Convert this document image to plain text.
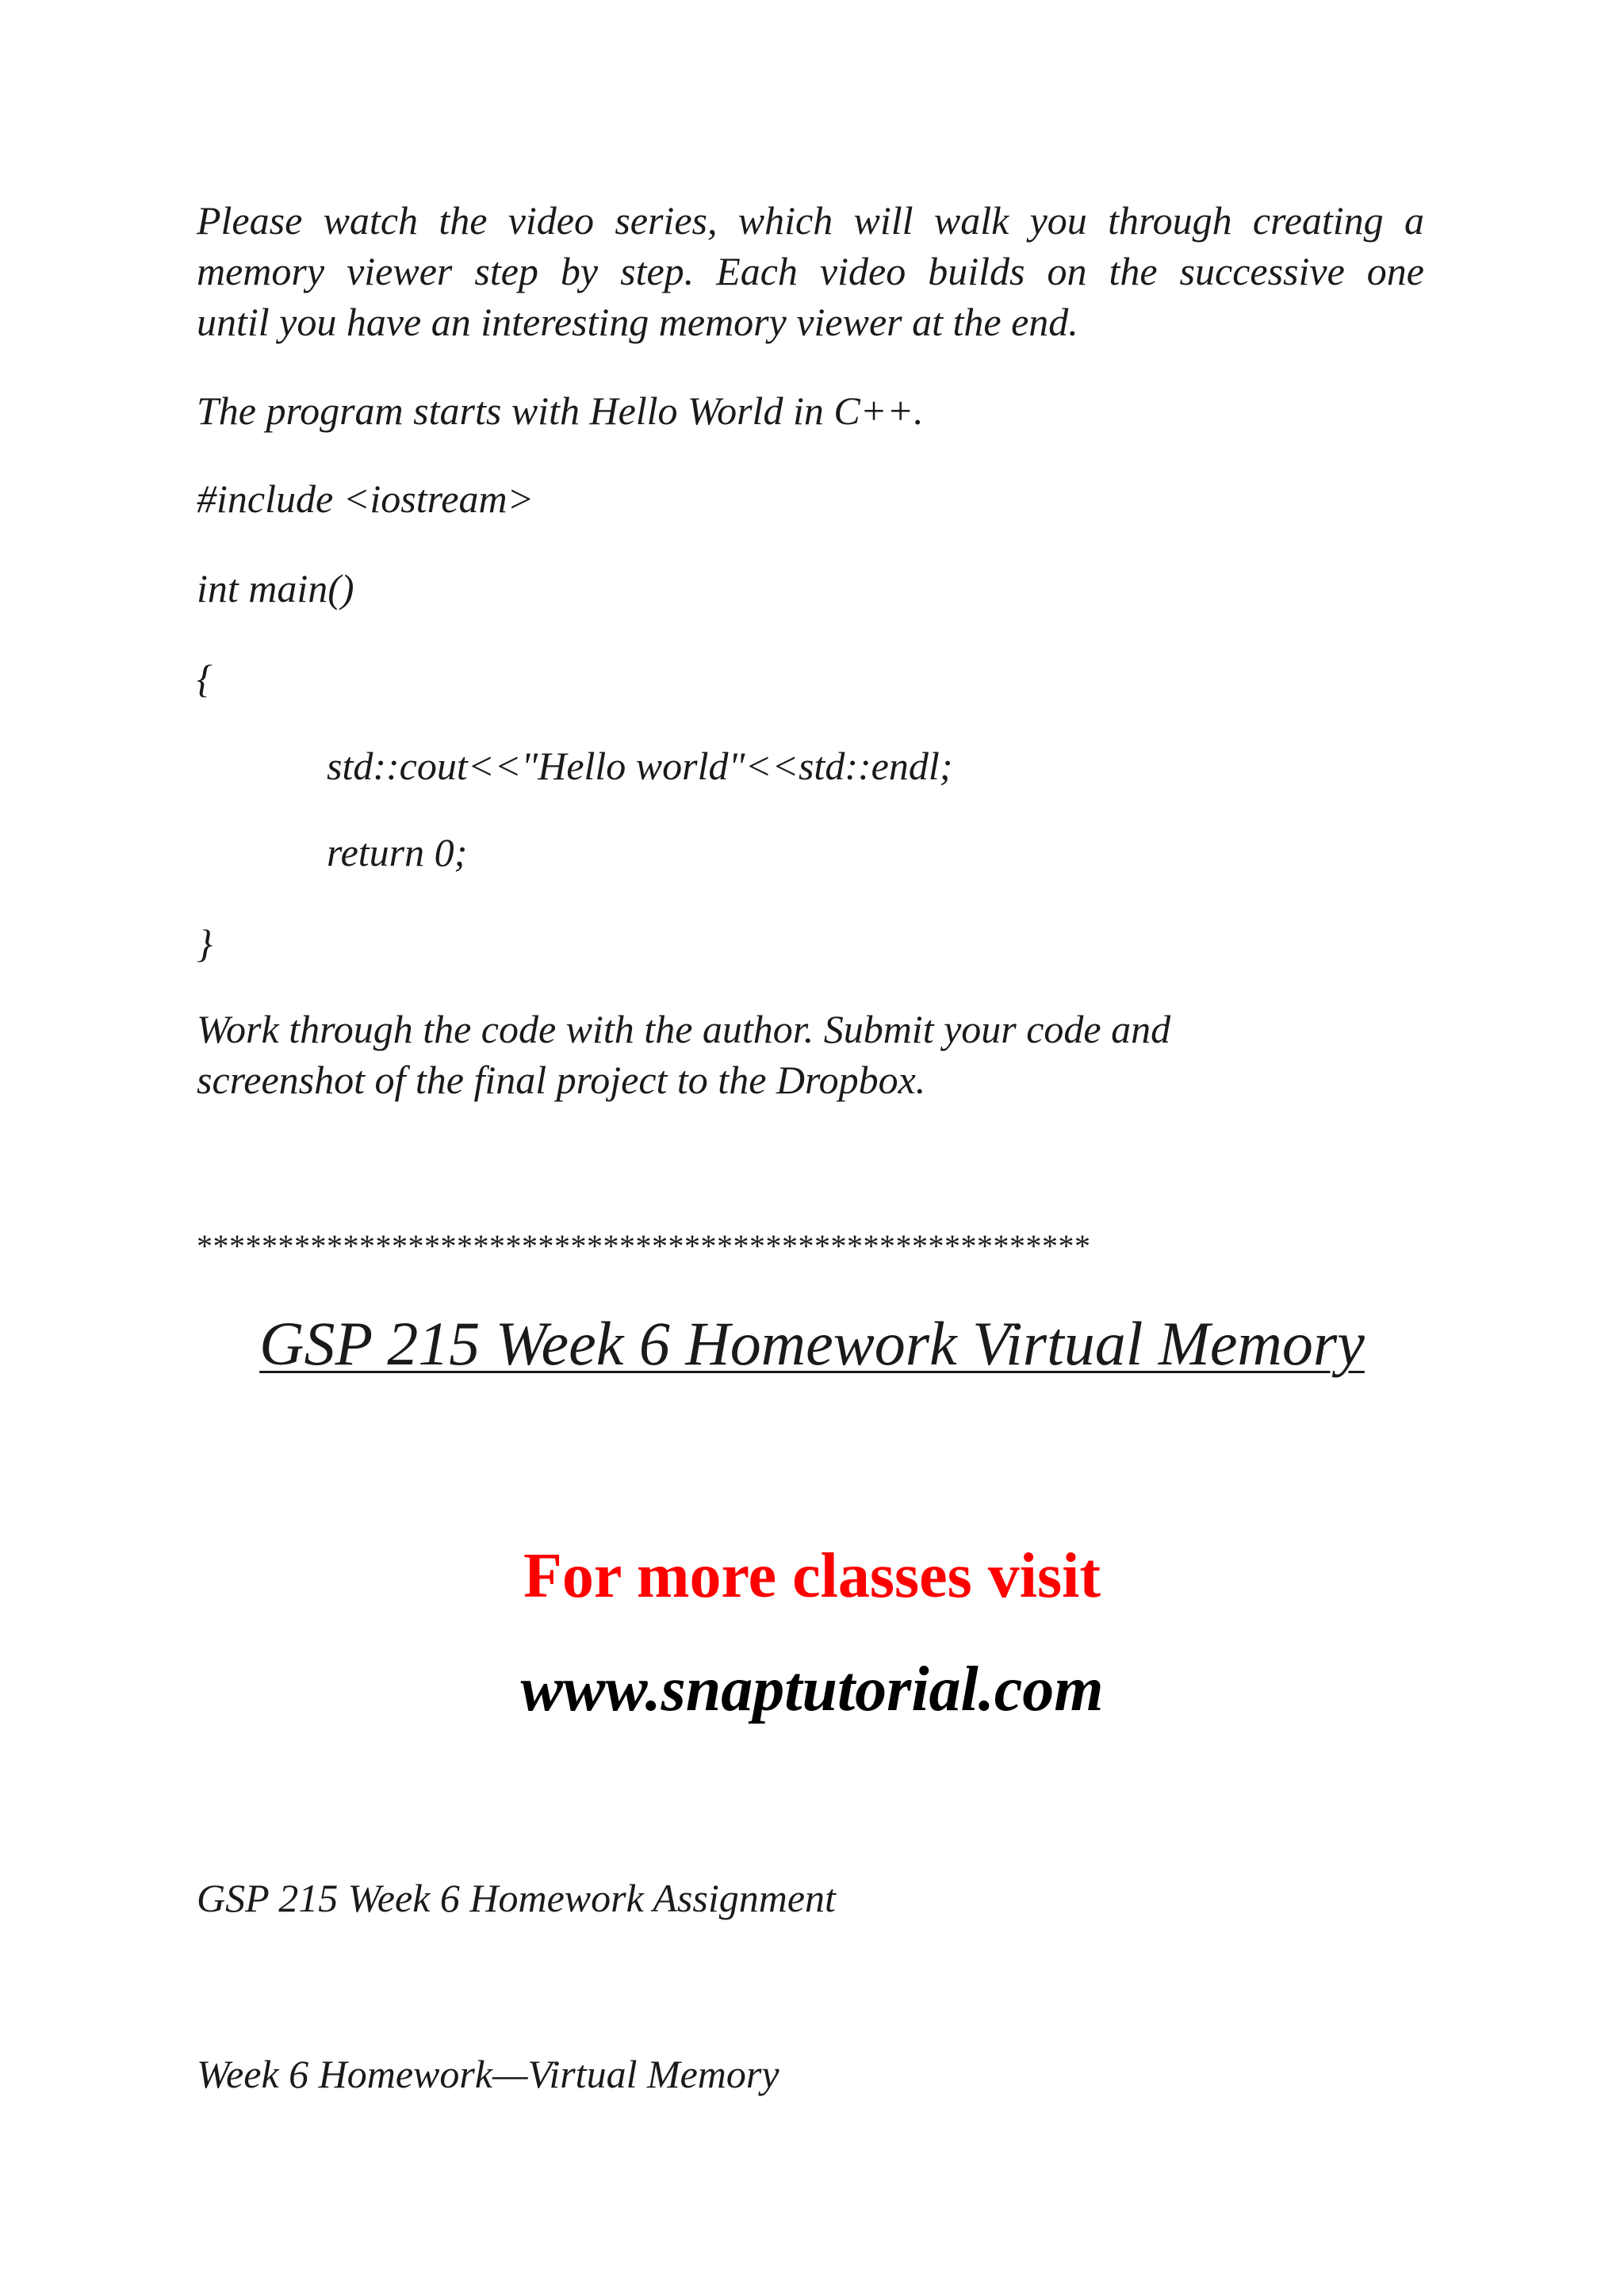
Please watch the video series, which will walk you through creating a
memory viewer step by step. Each video builds on the successive one
until you have an interesting memory viewer at the end.

The program starts with Hello World in C++.

#include <iostream>

int main()

{

std::cout<<"Hello world"<<std::endl;

return 0;

}

Work through the code with the author. Submit your code and
screenshot of the final project to the Dropbox.

*******************************************************
GSP 215 Week 6 Homework Virtual Memory
For more classes visit
www.snaptutorial.com

GSP 215 Week 6 Homework Assignment

Week 6 Homework—Virtual Memory
